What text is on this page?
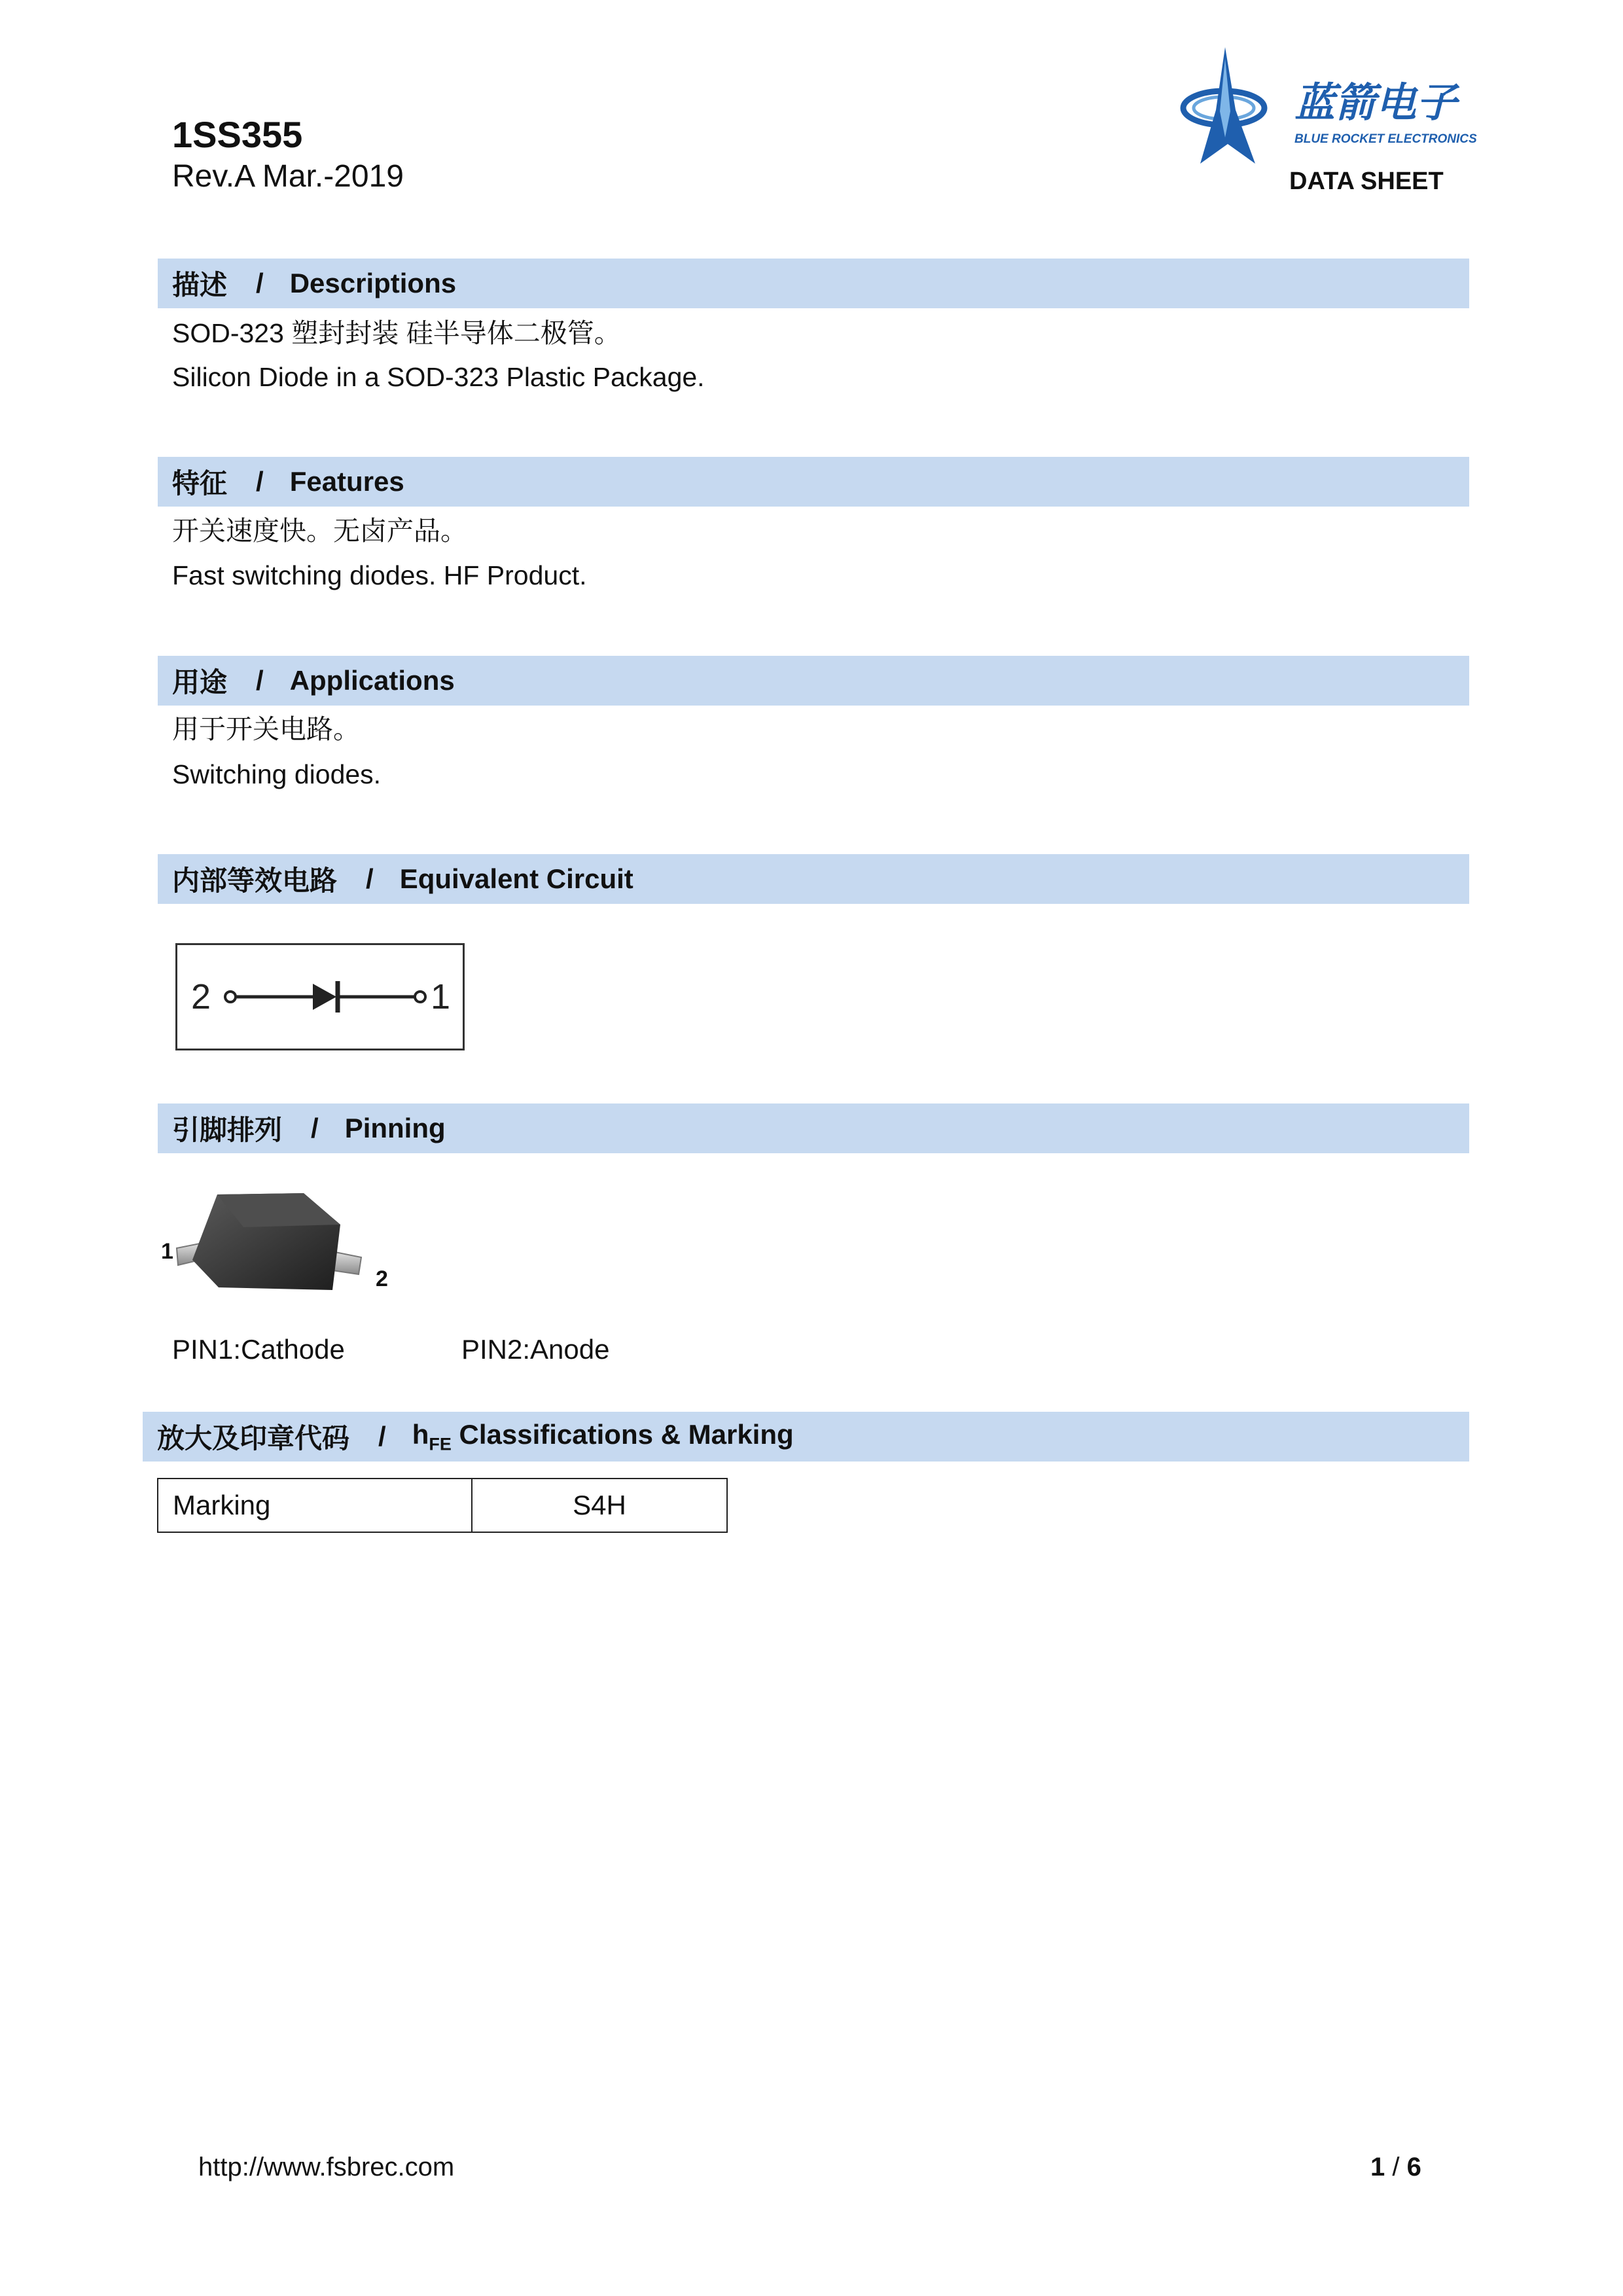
1SS355
Rev.A Mar.-2019
蓝箭电子
BLUE ROCKET ELECTRONICS
DATA SHEET
描述 / Descriptions
SOD-323 塑封封装 硅半导体二极管。
Silicon Diode in a SOD-323 Plastic Package.
特征 / Features
开关速度快。无卤产品。
Fast switching diodes. HF Product.
用途 / Applications
用于开关电路。
Switching diodes.
内部等效电路 / Equivalent Circuit
2	1
引脚排列 / Pinning
1
2
PIN1:Cathode	PIN2:Anode
放大及印章代码 / $h_{FE}$ Classifications & Marking
Marking	S4H
http://www.fsbrec.com	1 / 6
